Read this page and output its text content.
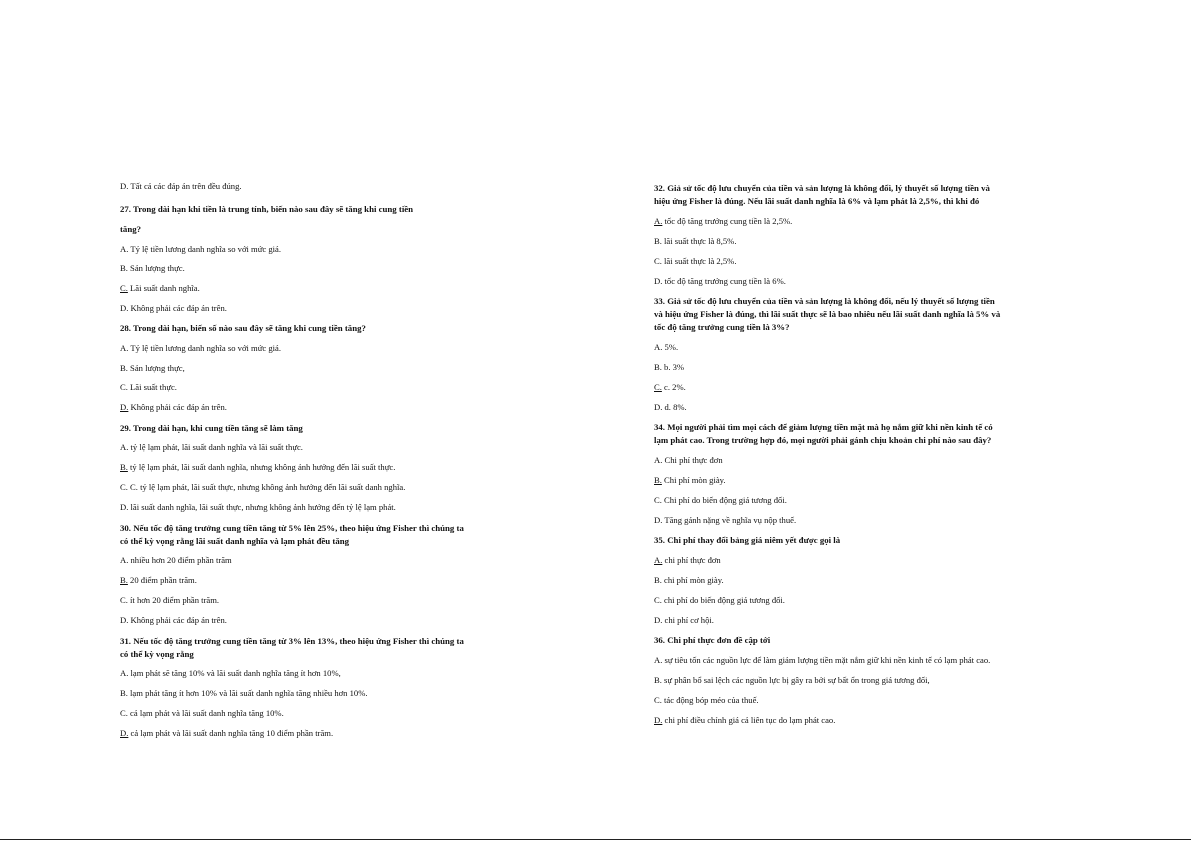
D. Tất cả các đáp án trên đều đúng.
27. Trong dài hạn khi tiền là trung tính, biến nào sau đây sẽ tăng khi cung tiền
tăng?
A. Tỷ lệ tiền lương danh nghĩa so với mức giá.
B. Sản lượng thực.
C. Lãi suất danh nghĩa.
D. Không phải các đáp án trên.
28. Trong dài hạn, biến số nào sau đây sẽ tăng khi cung tiền tăng?
A. Tỷ lệ tiền lương danh nghĩa so với mức giá.
B. Sản lượng thực,
C. Lãi suất thực.
D. Không phải các đáp án trên.
29. Trong dài hạn, khi cung tiền tăng sẽ làm tăng
A. tỷ lệ lạm phát, lãi suất danh nghĩa và lãi suất thực.
B. tỷ lệ lạm phát, lãi suất danh nghĩa, nhưng không ảnh hưởng đến lãi suất thực.
C. C. tỷ lệ lạm phát, lãi suất thực, nhưng không ảnh hưởng đến lãi suất danh nghĩa.
D. lãi suất danh nghĩa, lãi suất thực, nhưng không ảnh hưởng đến tỷ lệ lạm phát.
30. Nếu tốc độ tăng trưởng cung tiền tăng từ 5% lên 25%, theo hiệu ứng Fisher thì chúng ta
có thể kỳ vọng rằng lãi suất danh nghĩa và lạm phát đều tăng
A. nhiều hơn 20 điểm phần trăm
B. 20 điểm phần trăm.
C. ít hơn 20 điểm phần trăm.
D. Không phải các đáp án trên.
31. Nếu tốc độ tăng trưởng cung tiền tăng từ 3% lên 13%, theo hiệu ứng Fisher thì chúng ta
có thể kỳ vọng rằng
A. lạm phát sẽ tăng 10% và lãi suất danh nghĩa tăng ít hơn 10%,
B. lạm phát tăng ít hơn 10% và lãi suất danh nghĩa tăng nhiều hơn 10%.
C. cả lạm phát và lãi suất danh nghĩa tăng 10%.
D. cả lạm phát và lãi suất danh nghĩa tăng 10 điểm phần trăm.
32. Giả sử tốc độ lưu chuyển của tiền và sản lượng là không đổi, lý thuyết số lượng tiền và
hiệu ứng Fisher là đúng. Nếu lãi suất danh nghĩa là 6% và lạm phát là 2,5%, thì khi đó
A. tốc độ tăng trưởng cung tiền là 2,5%.
B. lãi suất thực là 8,5%.
C. lãi suất thực là 2,5%.
D. tốc độ tăng trưởng cung tiền là 6%.
33. Giả sử tốc độ lưu chuyển của tiền và sản lượng là không đổi, nếu lý thuyết số lượng tiền
và hiệu ứng Fisher là đúng, thì lãi suất thực sẽ là bao nhiêu nếu lãi suất danh nghĩa là 5% và
tốc độ tăng trưởng cung tiền là 3%?
A. 5%.
B. b. 3%
C. c. 2%.
D. d. 8%.
34. Mọi người phải tìm mọi cách để giảm lượng tiền mặt mà họ nắm giữ khi nền kinh tế có
lạm phát cao. Trong trường hợp đó, mọi người phải gánh chịu khoản chi phí nào sau đây?
A. Chi phí thực đơn
B. Chi phí mòn giày.
C. Chi phí do biến động giá tương đối.
D. Tăng gánh nặng về nghĩa vụ nộp thuế.
35. Chi phí thay đổi bảng giá niêm yết được gọi là
A. chi phí thực đơn
B. chi phí mòn giày.
C. chi phí do biến động giá tương đối.
D. chi phí cơ hội.
36. Chi phí thực đơn đề cập tới
A. sự tiêu tốn các nguồn lực để làm giảm lượng tiền mặt nắm giữ khi nền kinh tế có lạm phát cao.
B. sự phân bổ sai lệch các nguồn lực bị gây ra bởi sự bất ổn trong giá tương đối,
C. tác động bóp méo của thuế.
D. chi phí điều chỉnh giá cả liên tục do lạm phát cao.
